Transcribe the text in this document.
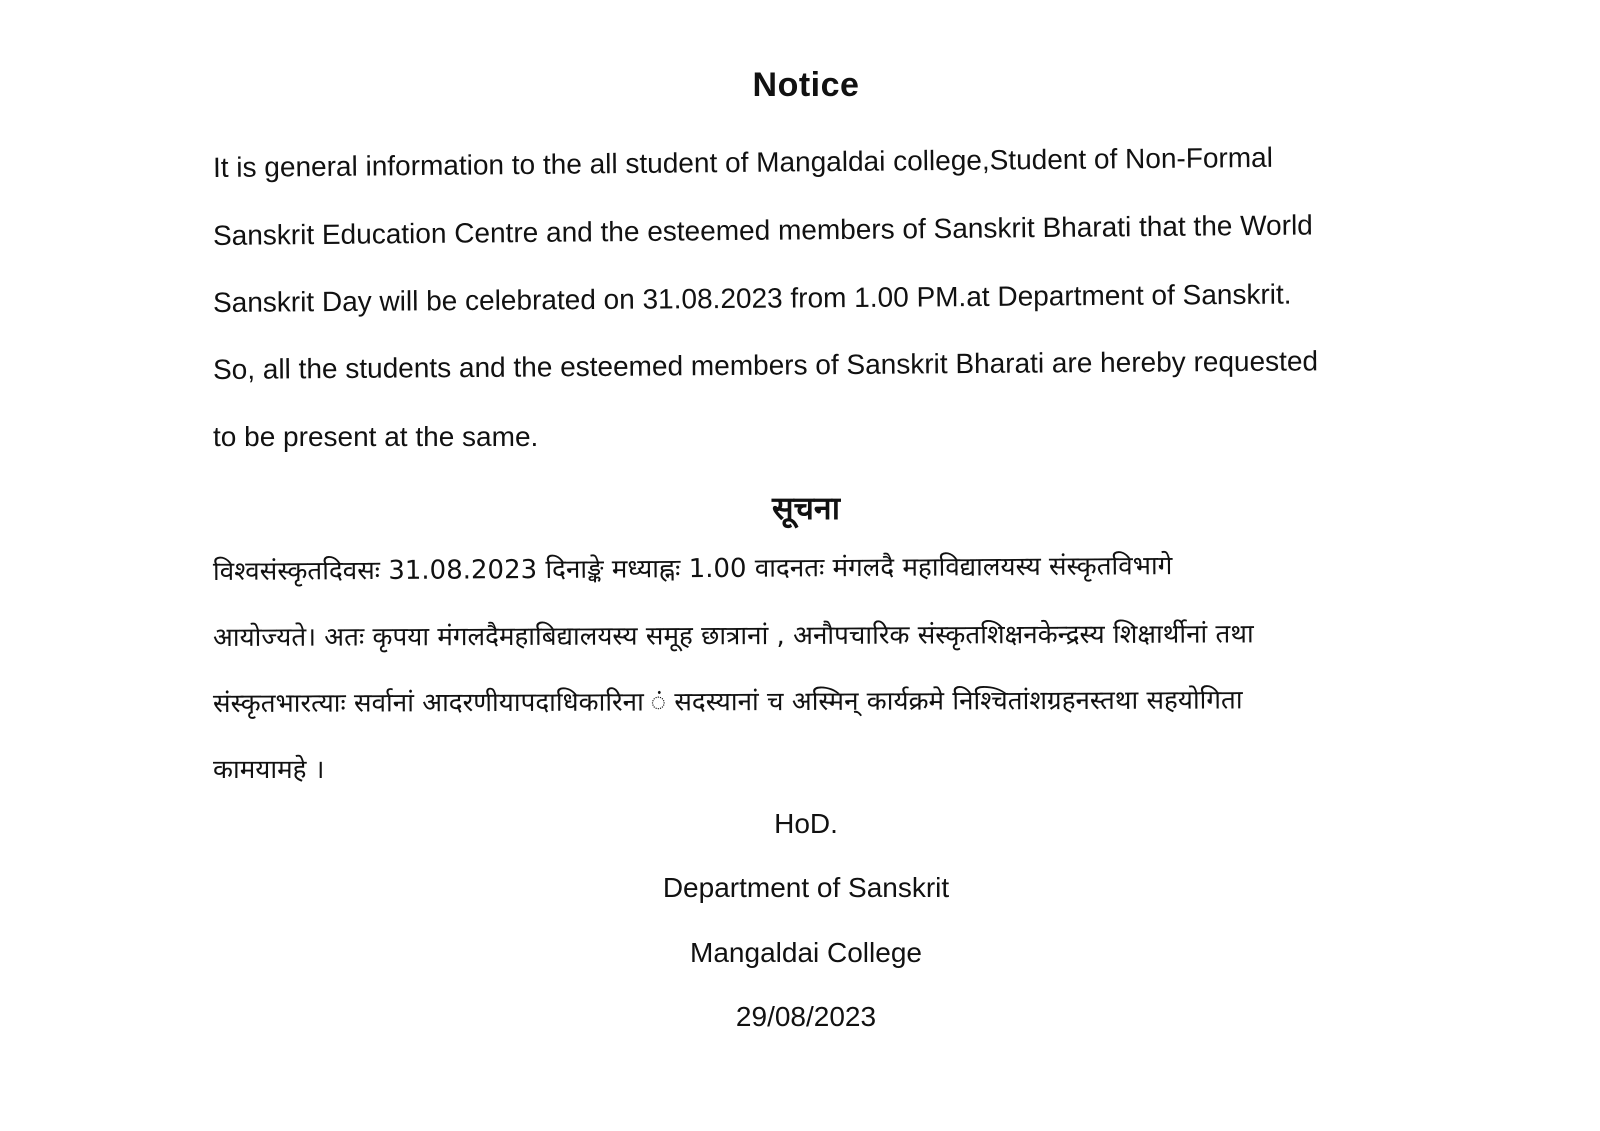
Notice

It is general information to the all student of Mangaldai college,Student of Non-Formal

Sanskrit Education Centre and the esteemed members of Sanskrit Bharati that the World

Sanskrit Day will be celebrated on 31.08.2023 from 1.00 PM.at Department of Sanskrit.

So, all the students and the esteemed members of Sanskrit Bharati are hereby requested

to be present at the same.

सूचना

विश्वसंस्कृतदिवसः 31.08.2023 दिनाङ्के मध्याह्नः 1.00 वादनतः मंगलदै महाविद्यालयस्य संस्कृतविभागे

आयोज्यते। अतः कृपया मंगलदैमहाबिद्यालयस्य समूह छात्रानां , अनौपचारिक संस्कृतशिक्षनकेन्द्रस्य शिक्षार्थीनां तथा

संस्कृतभारत्याः सर्वानां आदरणीयापदाधिकारिना ं सदस्यानां च अस्मिन् कार्यक्रमे निश्चितांशग्रहनस्तथा सहयोगिता

कामयामहे ।

HoD.

Department of Sanskrit

Mangaldai College

29/08/2023
